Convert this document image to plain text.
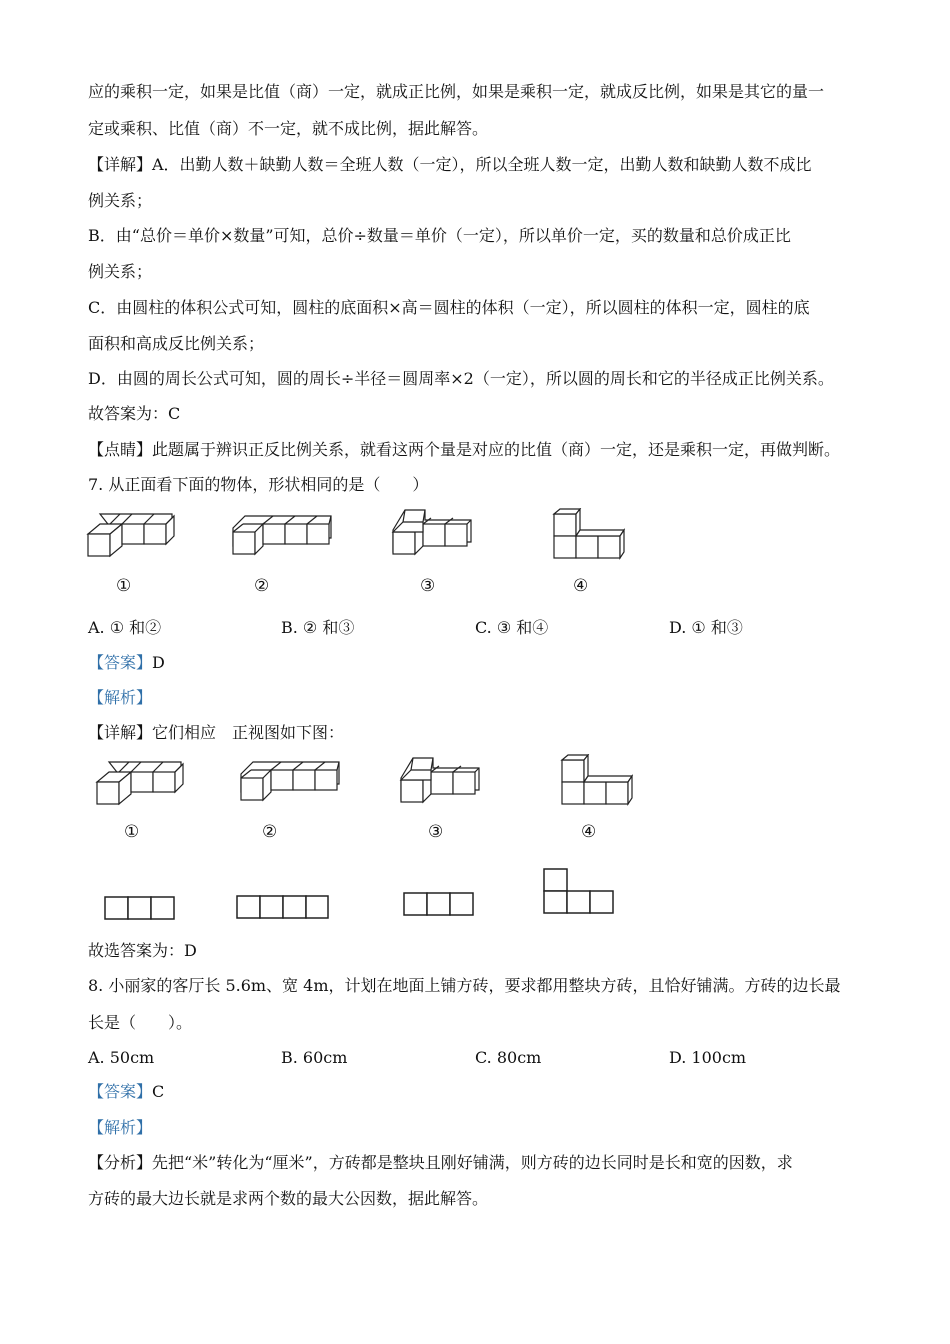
应的乘积一定，如果是比值（商）一定，就成正比例，如果是乘积一定，就成反比例，如果是其它的量一
定或乘积、比值（商）不一定，就不成比例，据此解答。
【详解】A．出勤人数＋缺勤人数＝全班人数（一定），所以全班人数一定，出勤人数和缺勤人数不成比
例关系；
B．由“总价＝单价×数量”可知，总价÷数量＝单价（一定），所以单价一定，买的数量和总价成正比
例关系；
C．由圆柱的体积公式可知，圆柱的底面积×高＝圆柱的体积（一定），所以圆柱的体积一定，圆柱的底
面积和高成反比例关系；
D．由圆的周长公式可知，圆的周长÷半径＝圆周率×2（一定），所以圆的周长和它的半径成正比例关系。
故答案为：C
【点睛】此题属于辨识正反比例关系，就看这两个量是对应的比值（商）一定，还是乘积一定，再做判断。
7. 从正面看下面的物体，形状相同的是（　　）
①	②	③	④
A. ① 和②	B. ② 和③	C. ③ 和④	D. ① 和③
【答案】D
【解析】
【详解】它们相应　正视图如下图：
①	②	③	④
故选答案为：D
8. 小丽家的客厅长 5.6m、宽 4m，计划在地面上铺方砖，要求都用整块方砖，且恰好铺满。方砖的边长最
长是（　　）。
A. 50cm	B. 60cm	C. 80cm	D. 100cm
【答案】C
【解析】
【分析】先把“米”转化为“厘米”，方砖都是整块且刚好铺满，则方砖的边长同时是长和宽的因数，求
方砖的最大边长就是求两个数的最大公因数，据此解答。
